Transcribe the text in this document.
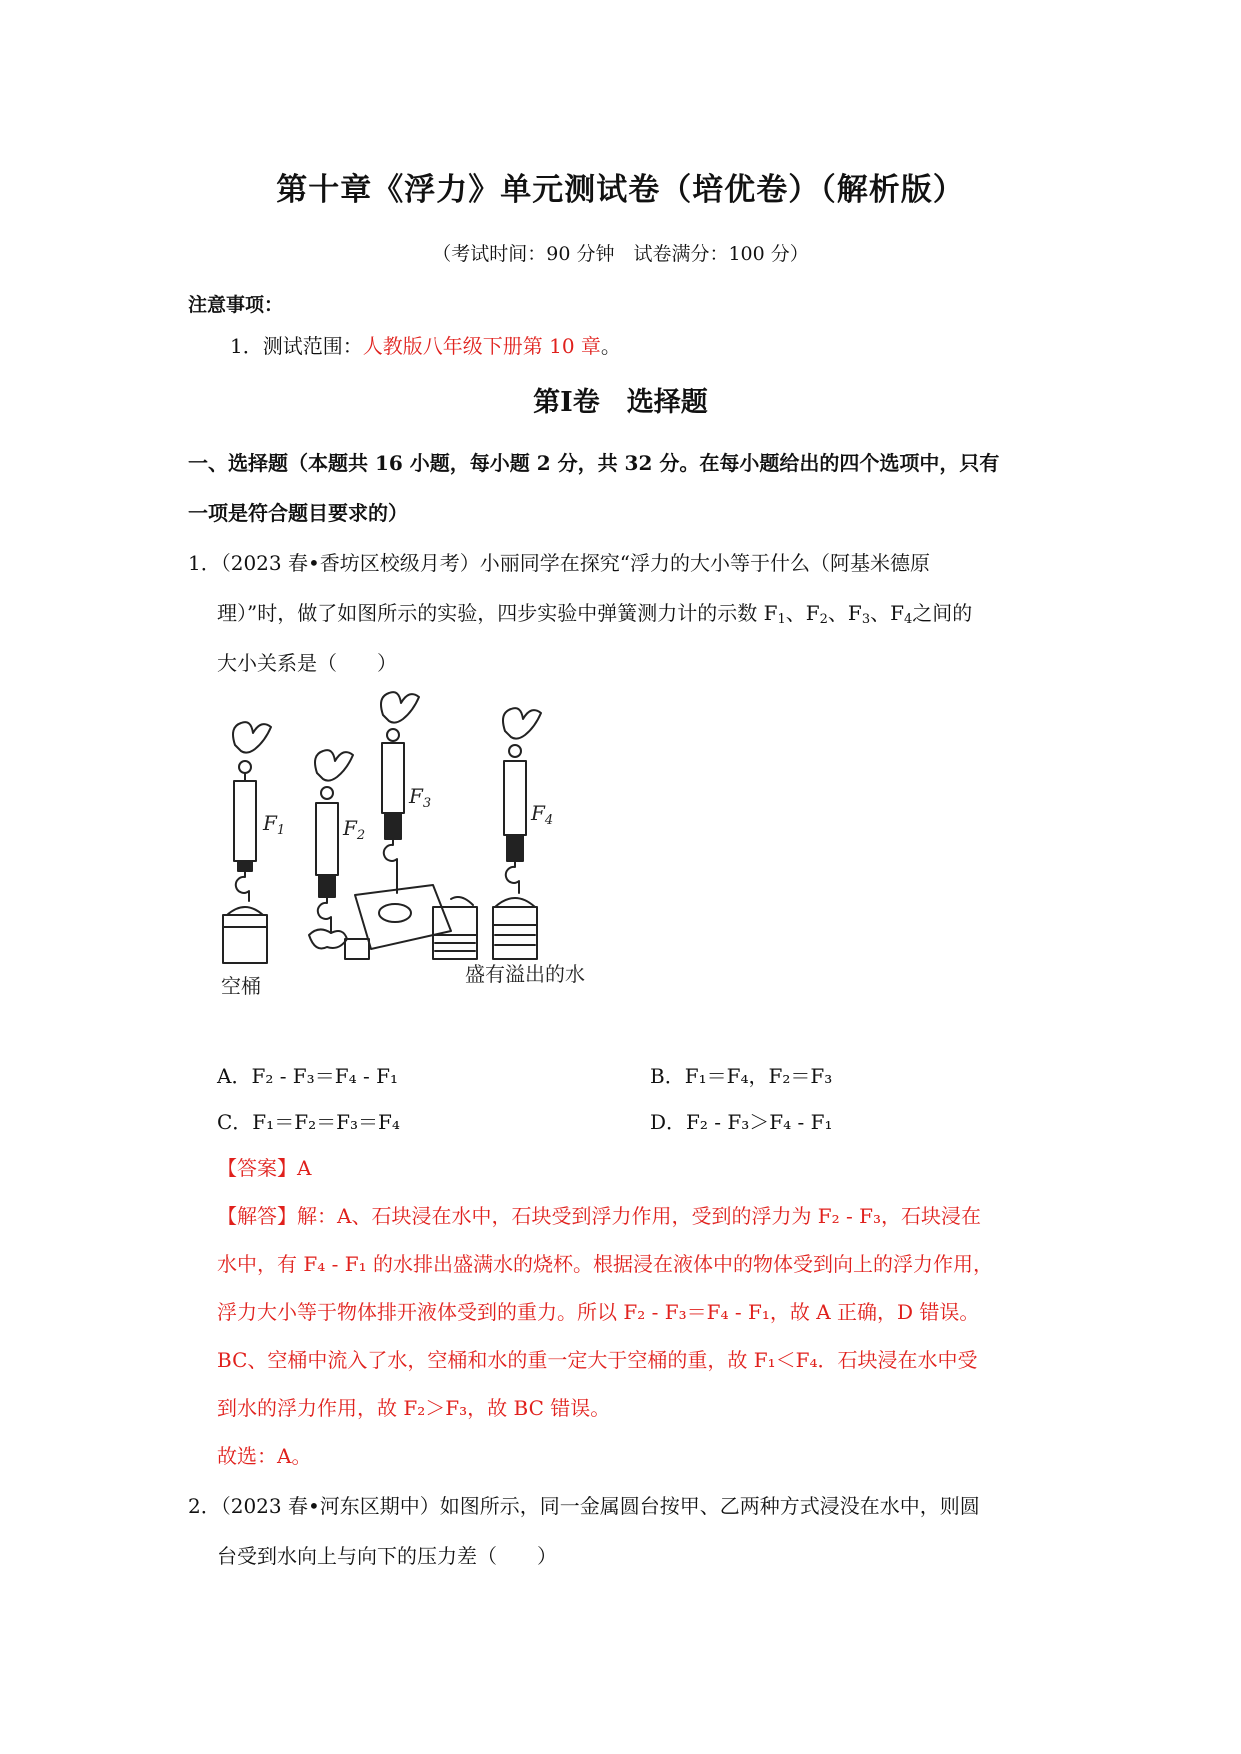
第十章《浮力》单元测试卷（培优卷）（解析版）
（考试时间：90 分钟　试卷满分：100 分）
注意事项：
1．测试范围：人教版八年级下册第 10 章。
第Ⅰ卷　选择题
一、选择题（本题共 16 小题，每小题 2 分，共 32 分。在每小题给出的四个选项中，只有
一项是符合题目要求的）
1．（2023 春•香坊区校级月考）小丽同学在探究“浮力的大小等于什么（阿基米德原
理）”时，做了如图所示的实验，四步实验中弹簧测力计的示数 $F_1$、$F_2$、$F_3$、$F_4$之间的
大小关系是（　　）
$F_1$	$F_2$
$F_3$	$F_4$
空桶	盛有溢出的水
A．F₂ - F₃＝F₄ - F₁	B．F₁＝F₄，F₂＝F₃
C．F₁＝F₂＝F₃＝F₄	D．F₂ - F₃＞F₄ - F₁
【答案】A
【解答】解：A、石块浸在水中，石块受到浮力作用，受到的浮力为 F₂ - F₃，石块浸在
水中，有 F₄ - F₁ 的水排出盛满水的烧杯。根据浸在液体中的物体受到向上的浮力作用，
浮力大小等于物体排开液体受到的重力。所以 F₂ - F₃＝F₄ - F₁，故 A 正确，D 错误。
BC、空桶中流入了水，空桶和水的重一定大于空桶的重，故 F₁＜F₄．石块浸在水中受
到水的浮力作用，故 F₂＞F₃，故 BC 错误。
故选：A。
2．（2023 春•河东区期中）如图所示，同一金属圆台按甲、乙两种方式浸没在水中，则圆
台受到水向上与向下的压力差（　　）
